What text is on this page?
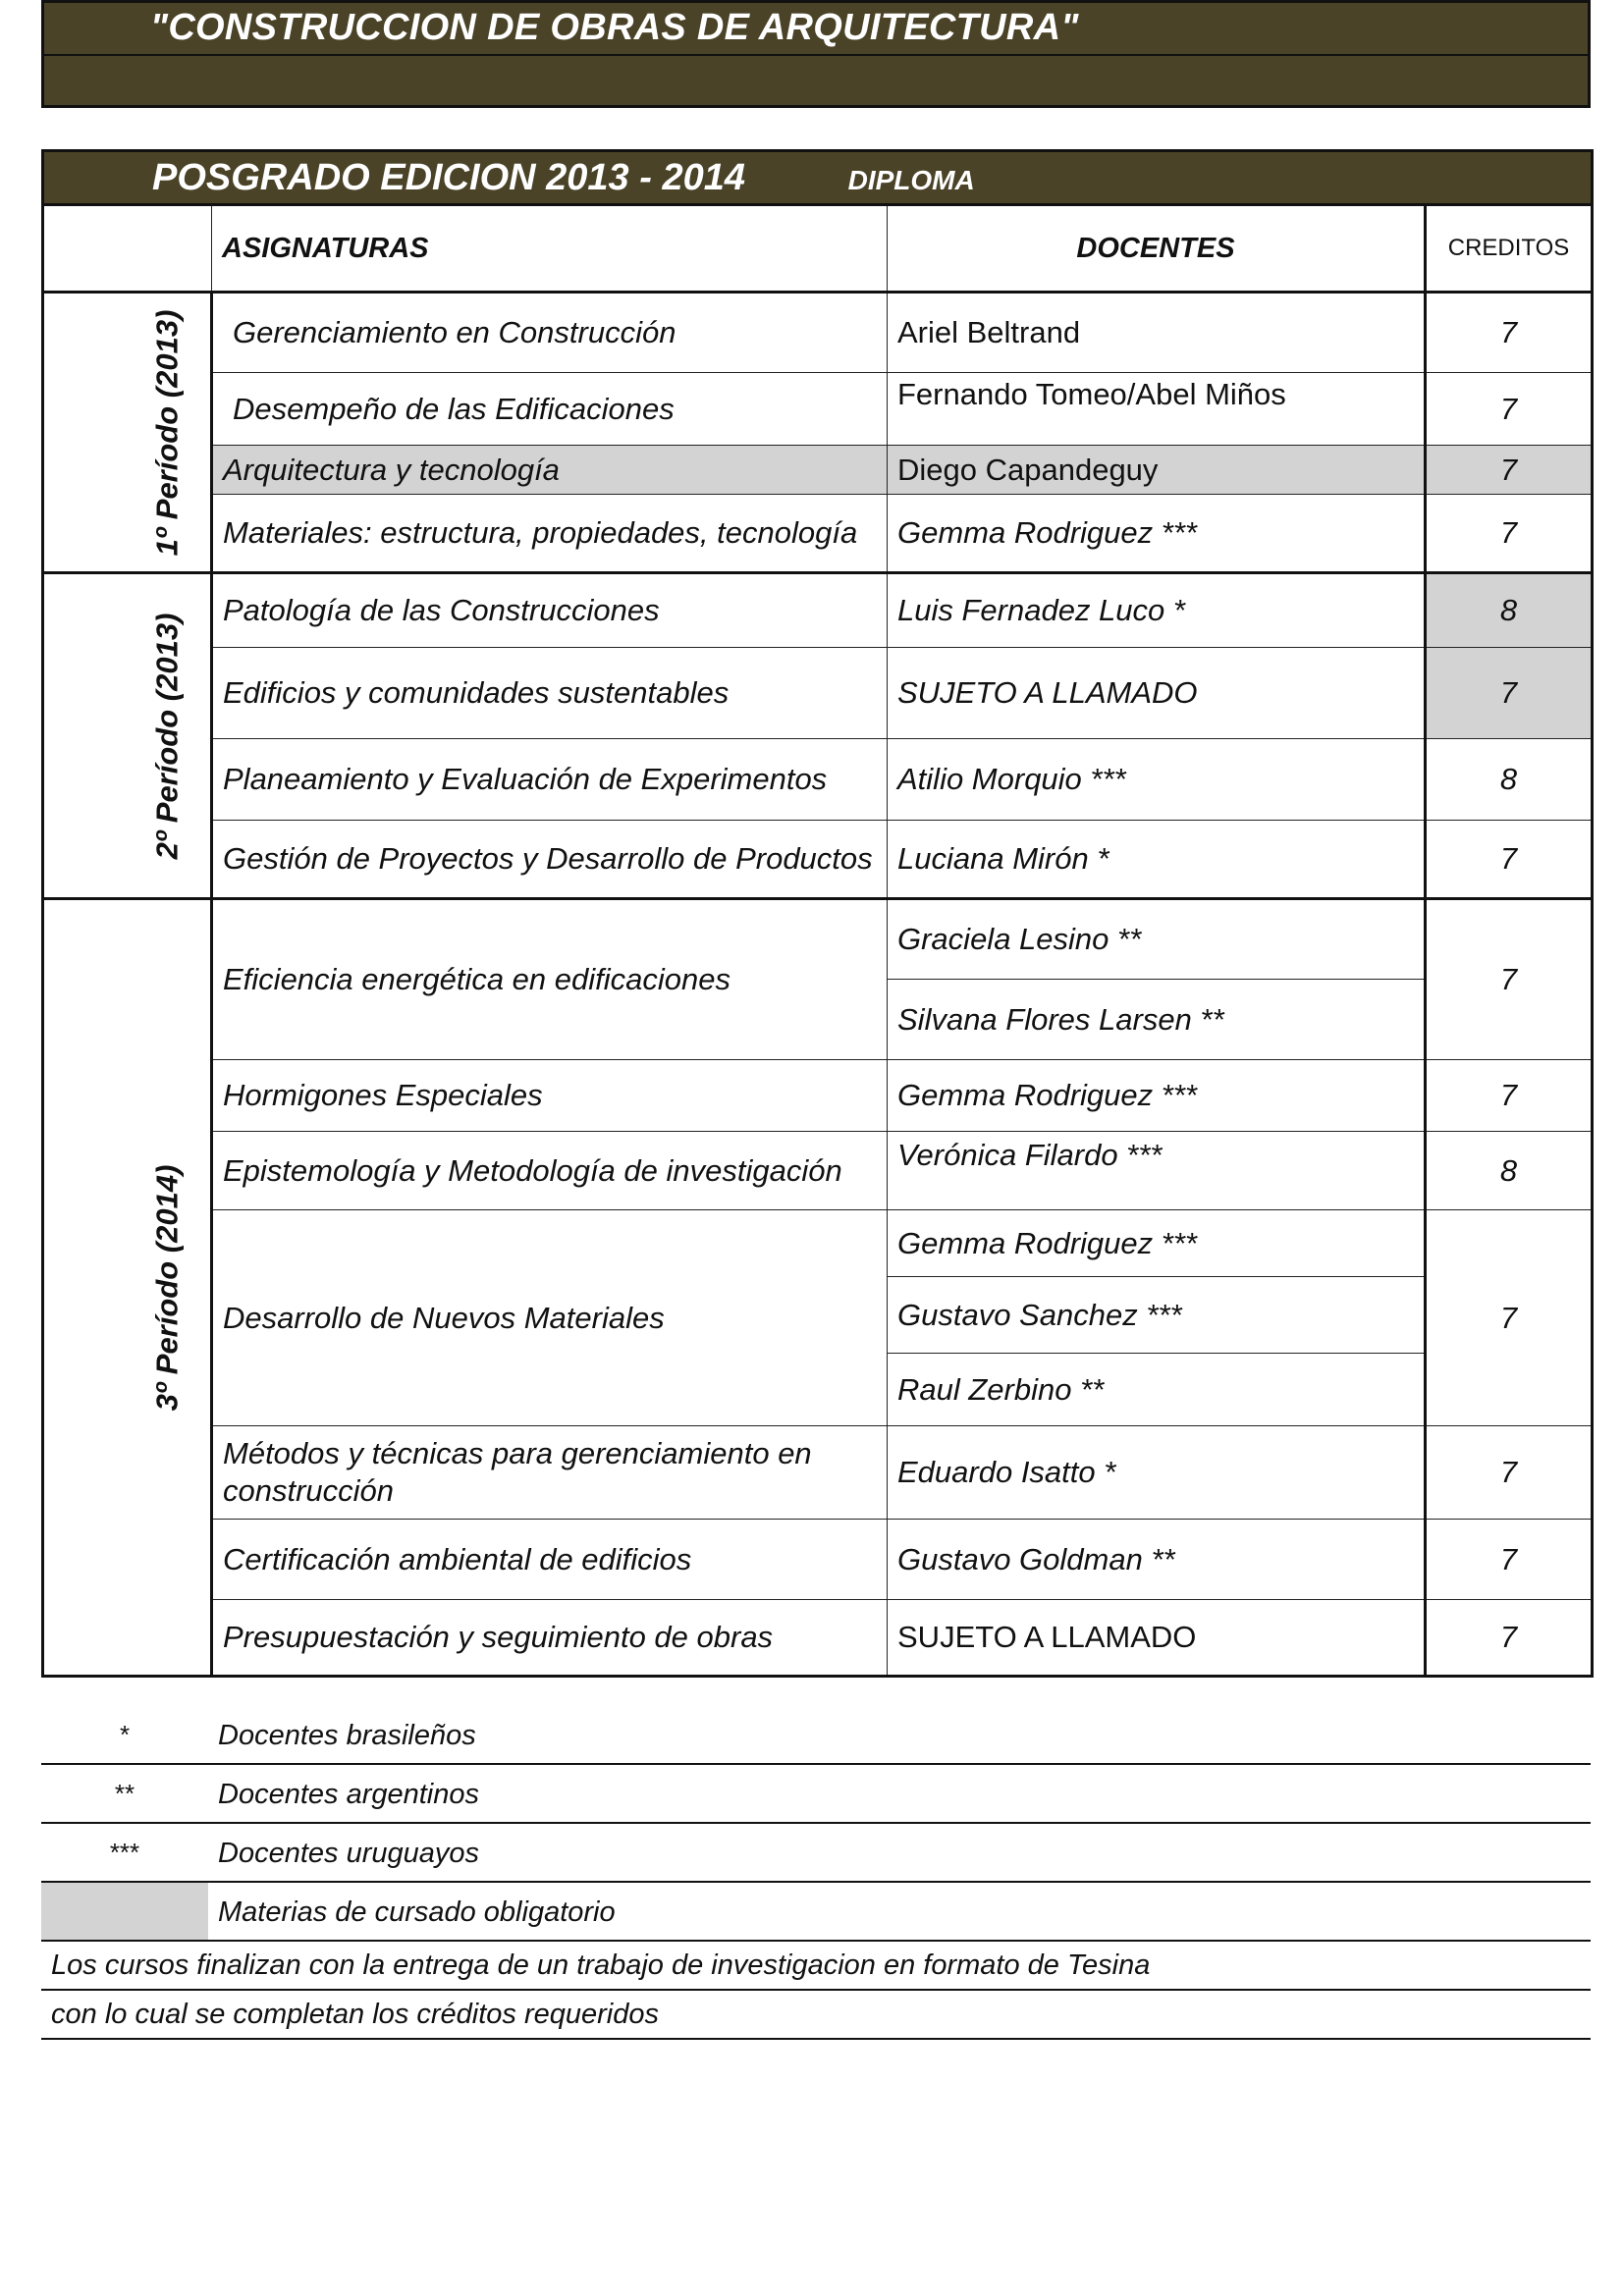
"CONSTRUCCION DE OBRAS DE ARQUITECTURA"
POSGRADO EDICION 2013 - 2014 DIPLOMA			
	ASIGNATURAS	DOCENTES	CREDITOS
1º Período (2013)	Gerenciamiento en Construcción	Ariel Beltrand	7
	Desempeño de las Edificaciones	Fernando Tomeo/Abel Miños	7
	Arquitectura y tecnología	Diego Capandeguy	7
	Materiales: estructura, propiedades, tecnología	Gemma Rodriguez ***	7
2º Período (2013)	Patología de las Construcciones	Luis Fernadez Luco *	8
	Edificios y comunidades sustentables	SUJETO A LLAMADO	7
	Planeamiento y Evaluación de Experimentos	Atilio Morquio ***	8
	Gestión de Proyectos y Desarrollo de Productos	Luciana Mirón *	7
3º Período (2014)	Eficiencia energética en edificaciones	Graciela Lesino **	7
		Silvana Flores Larsen **	
	Hormigones Especiales	Gemma Rodriguez ***	7
	Epistemología y Metodología de investigación	Verónica Filardo ***	8
	Desarrollo de Nuevos Materiales	Gemma Rodriguez ***	7
		Gustavo Sanchez ***	
		Raul Zerbino **	
	Métodos y técnicas para gerenciamiento en construcción	Eduardo Isatto *	7
	Certificación ambiental de edificios	Gustavo Goldman **	7
	Presupuestación y seguimiento de obras	SUJETO A LLAMADO	7
*	Docentes brasileños
**	Docentes argentinos
***	Docentes uruguayos
Materias de cursado obligatorio
Los cursos finalizan con la entrega de un trabajo de investigacion en formato de Tesina
con lo cual se completan los créditos requeridos
